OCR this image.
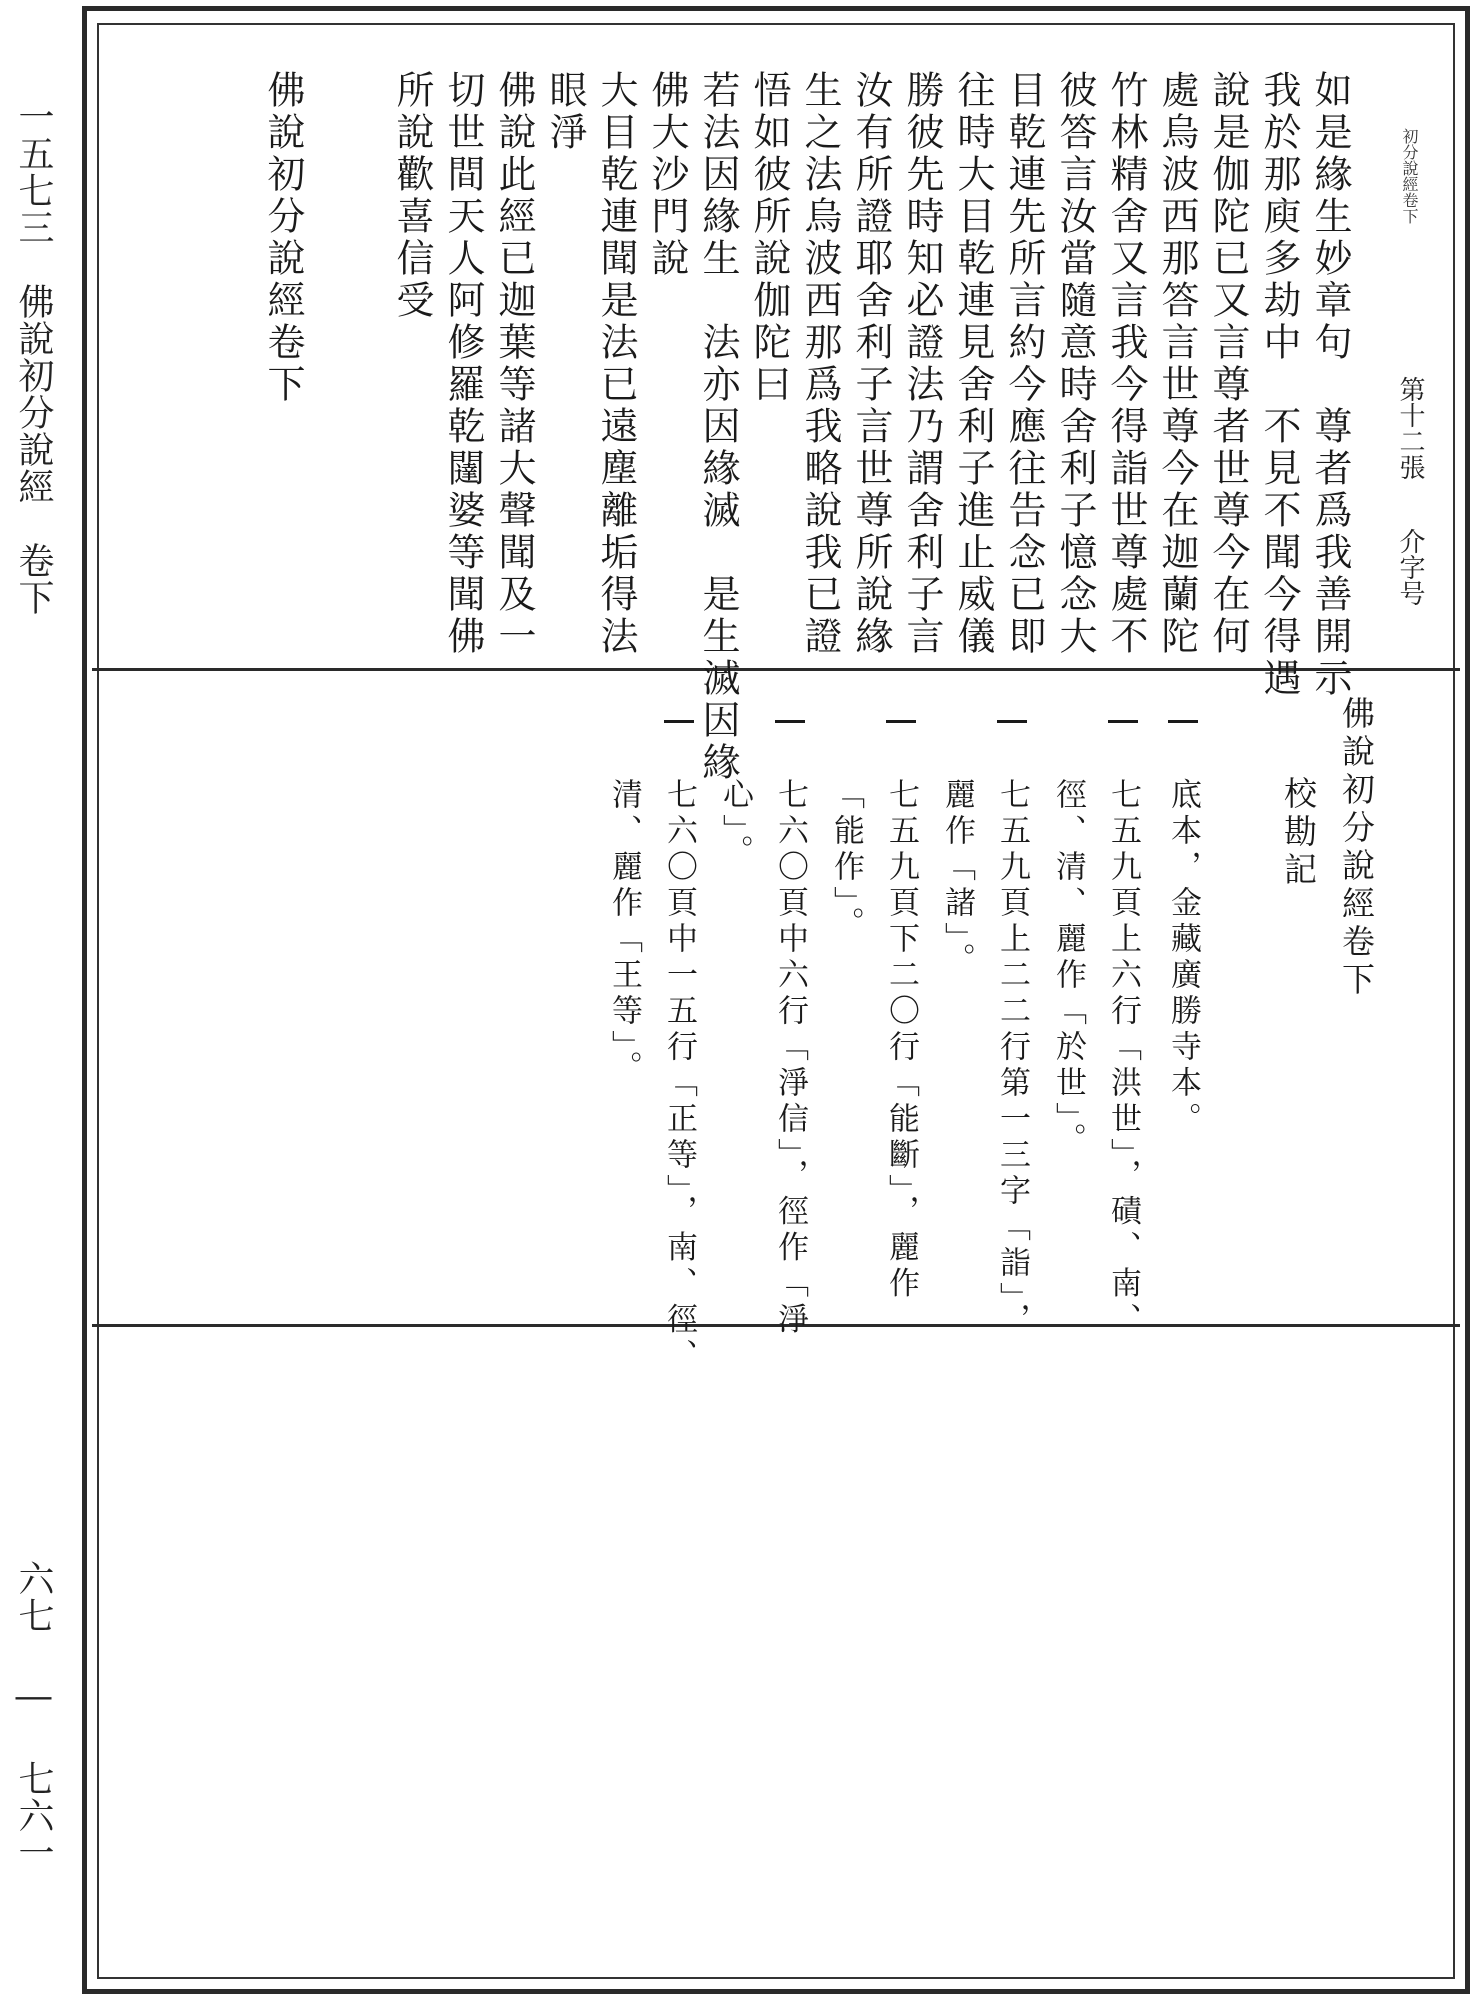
一五七三　佛說初分說經　卷下
六七 ― 七六一
初分說經卷下
第十二張
介字号
如是緣生妙章句　尊者爲我善開示
我於那庾多劫中　不見不聞今得遇
說是伽陀已又言尊者世尊今在何
處烏波西那答言世尊今在迦蘭陀
竹林精舍又言我今得詣世尊處不
彼答言汝當隨意時舍利子憶念大
目乾連先所言約今應往告念已即
往時大目乾連見舍利子進止威儀
勝彼先時知必證法乃謂舍利子言
汝有所證耶舍利子言世尊所說緣
生之法烏波西那爲我略說我已證
悟如彼所說伽陀曰
若法因緣生　法亦因緣滅　是生滅因緣
佛大沙門說
大目乾連聞是法已遠塵離垢得法
眼淨
佛說此經已迦葉等諸大聲聞及一
切世間天人阿修羅乾闥婆等聞佛
所說歡喜信受
佛說初分說經卷下
佛說初分說經卷下
校勘記
底本，金藏廣勝寺本。
七五九頁上六行「洪世」，磧、南、
徑、清、麗作「於世」。
七五九頁上二二行第一三字「詣」，
麗作「諸」。
七五九頁下二〇行「能斷」，麗作
「能作」。
七六〇頁中六行「淨信」，徑作「淨
心」。
七六〇頁中一五行「正等」，南、徑、
清、麗作「王等」。
